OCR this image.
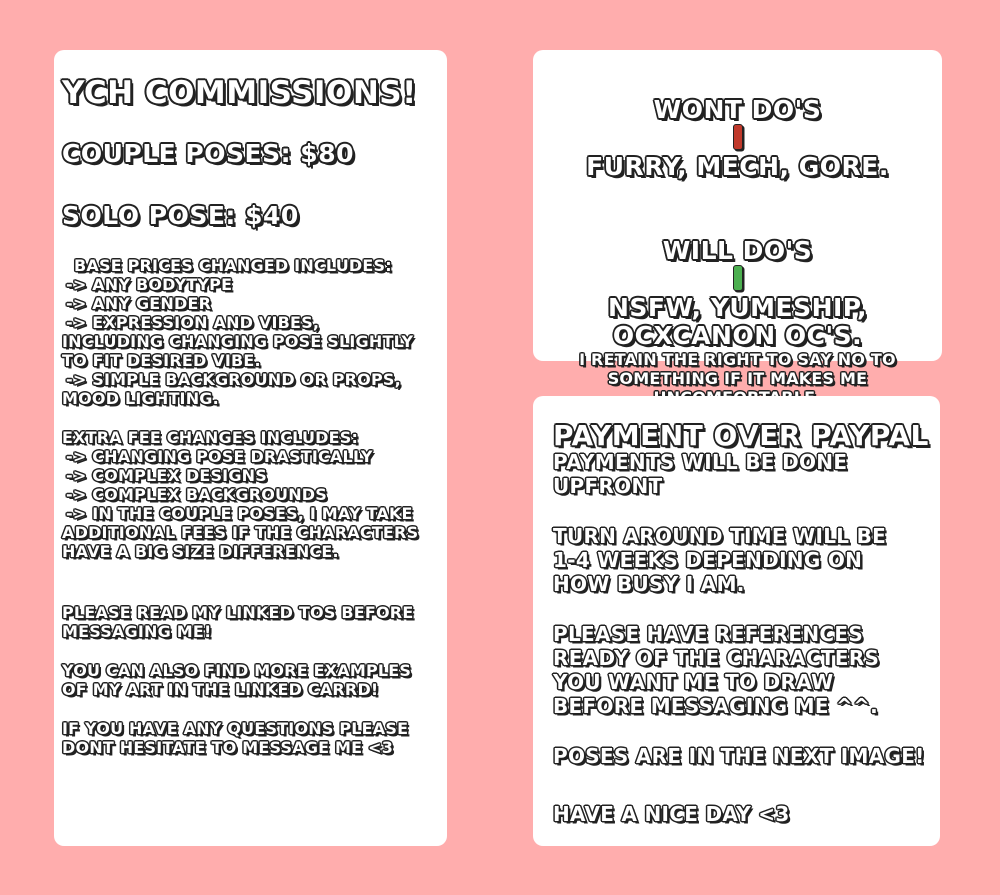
YCH COMMISSIONS!

COUPLE POSES: $80

SOLO POSE: $40

BASE PRICES CHANGED INCLUDES:

-> ANY BODYTYPE

-> ANY GENDER

-> EXPRESSION AND VIBES, INCLUDING CHANGING POSE SLIGHTLY TO FIT DESIRED VIBE.

-> SIMPLE BACKGROUND OR PROPS, MOOD LIGHTING.

EXTRA FEE CHANGES INCLUDES:

-> CHANGING POSE DRASTICALLY

-> COMPLEX DESIGNS

-> COMPLEX BACKGROUNDS

-> IN THE COUPLE POSES, I MAY TAKE ADDITIONAL FEES IF THE CHARACTERS HAVE A BIG SIZE DIFFERENCE.

PLEASE READ MY LINKED TOS BEFORE MESSAGING ME!

YOU CAN ALSO FIND MORE EXAMPLES OF MY ART IN THE LINKED CARRD!

IF YOU HAVE ANY QUESTIONS PLEASE DONT HESITATE TO MESSAGE ME <3

WONT DO'S

FURRY, MECH, GORE.

WILL DO'S

NSFW, YUMESHIP, OCXCANON OC'S.

I RETAIN THE RIGHT TO SAY NO TO SOMETHING IF IT MAKES ME

PAYMENT OVER PAYPAL

PAYMENTS WILL BE DONE UPFRONT

TURN AROUND TIME WILL BE

1-4 WEEKS DEPENDING ON HOW BUSY I AM.

PLEASE HAVE REFERENCES READY OF THE CHARACTERS YOU WANT ME TO DRAW BEFORE MESSAGING ME ^^.

POSES ARE IN THE NEXT IMAGE!

HAVE A NICE DAY <3
